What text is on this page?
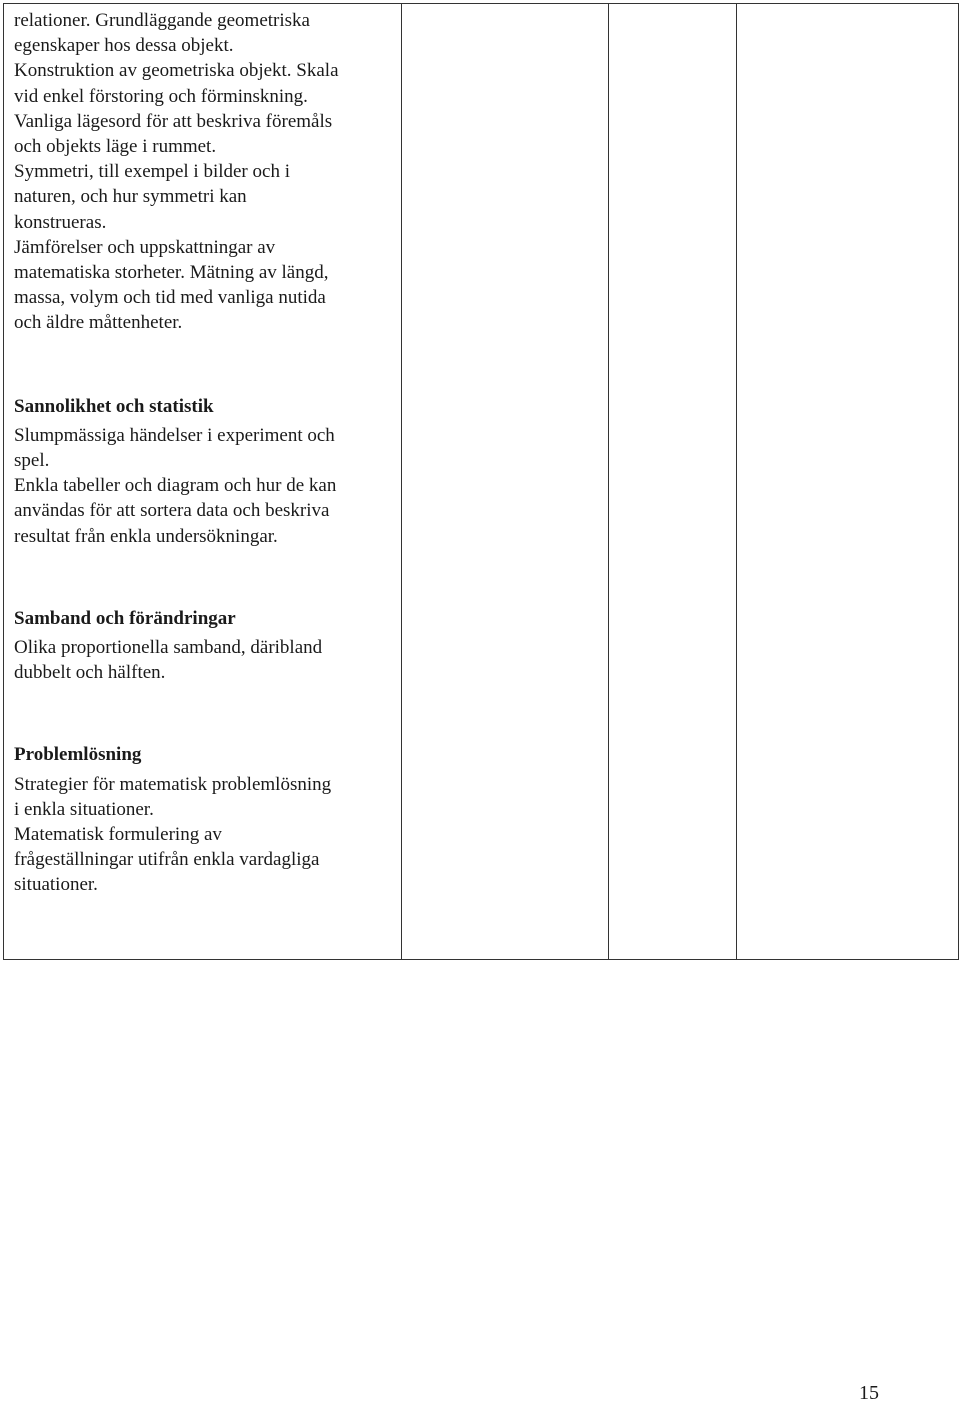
relationer. Grundläggande geometriska
egenskaper hos dessa objekt.
Konstruktion av geometriska objekt. Skala
vid enkel förstoring och förminskning.
Vanliga lägesord för att beskriva föremåls
och objekts läge i rummet.
Symmetri, till exempel i bilder och i
naturen, och hur symmetri kan
konstrueras.
Jämförelser och uppskattningar av
matematiska storheter. Mätning av längd,
massa, volym och tid med vanliga nutida
och äldre måttenheter.
Sannolikhet och statistik
Slumpmässiga händelser i experiment och
spel.
Enkla tabeller och diagram och hur de kan
användas för att sortera data och beskriva
resultat från enkla undersökningar.
Samband och förändringar
Olika proportionella samband, däribland
dubbelt och hälften.
Problemlösning
Strategier för matematisk problemlösning
i enkla situationer.
Matematisk formulering av
frågeställningar utifrån enkla vardagliga
situationer.

15
